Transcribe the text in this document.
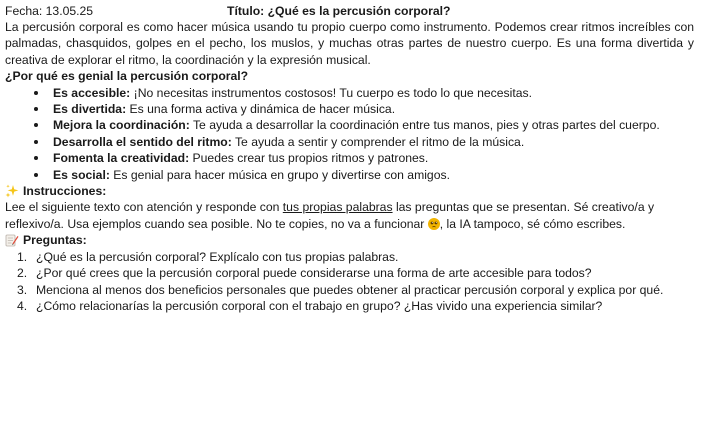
Fecha: 13.05.25	Título: ¿Qué es la percusión corporal?
La percusión corporal es como hacer música usando tu propio cuerpo como instrumento. Podemos crear ritmos increíbles con palmadas, chasquidos, golpes en el pecho, los muslos, y muchas otras partes de nuestro cuerpo. Es una forma divertida y creativa de explorar el ritmo, la coordinación y la expresión musical.
¿Por qué es genial la percusión corporal?
Es accesible: ¡No necesitas instrumentos costosos! Tu cuerpo es todo lo que necesitas.
Es divertida: Es una forma activa y dinámica de hacer música.
Mejora la coordinación: Te ayuda a desarrollar la coordinación entre tus manos, pies y otras partes del cuerpo.
Desarrolla el sentido del ritmo: Te ayuda a sentir y comprender el ritmo de la música.
Fomenta la creatividad: Puedes crear tus propios ritmos y patrones.
Es social: Es genial para hacer música en grupo y divertirse con amigos.
Instrucciones:
Lee el siguiente texto con atención y responde con tus propias palabras las preguntas que se presentan. Sé creativo/a y reflexivo/a. Usa ejemplos cuando sea posible. No te copies, no va a funcionar
, la IA tampoco, sé cómo escribes.
Preguntas:
1. ¿Qué es la percusión corporal? Explícalo con tus propias palabras.
2. ¿Por qué crees que la percusión corporal puede considerarse una forma de arte accesible para todos?
3. Menciona al menos dos beneficios personales que puedes obtener al practicar percusión corporal y explica por qué.
4. ¿Cómo relacionarías la percusión corporal con el trabajo en grupo? ¿Has vivido una experiencia similar?
